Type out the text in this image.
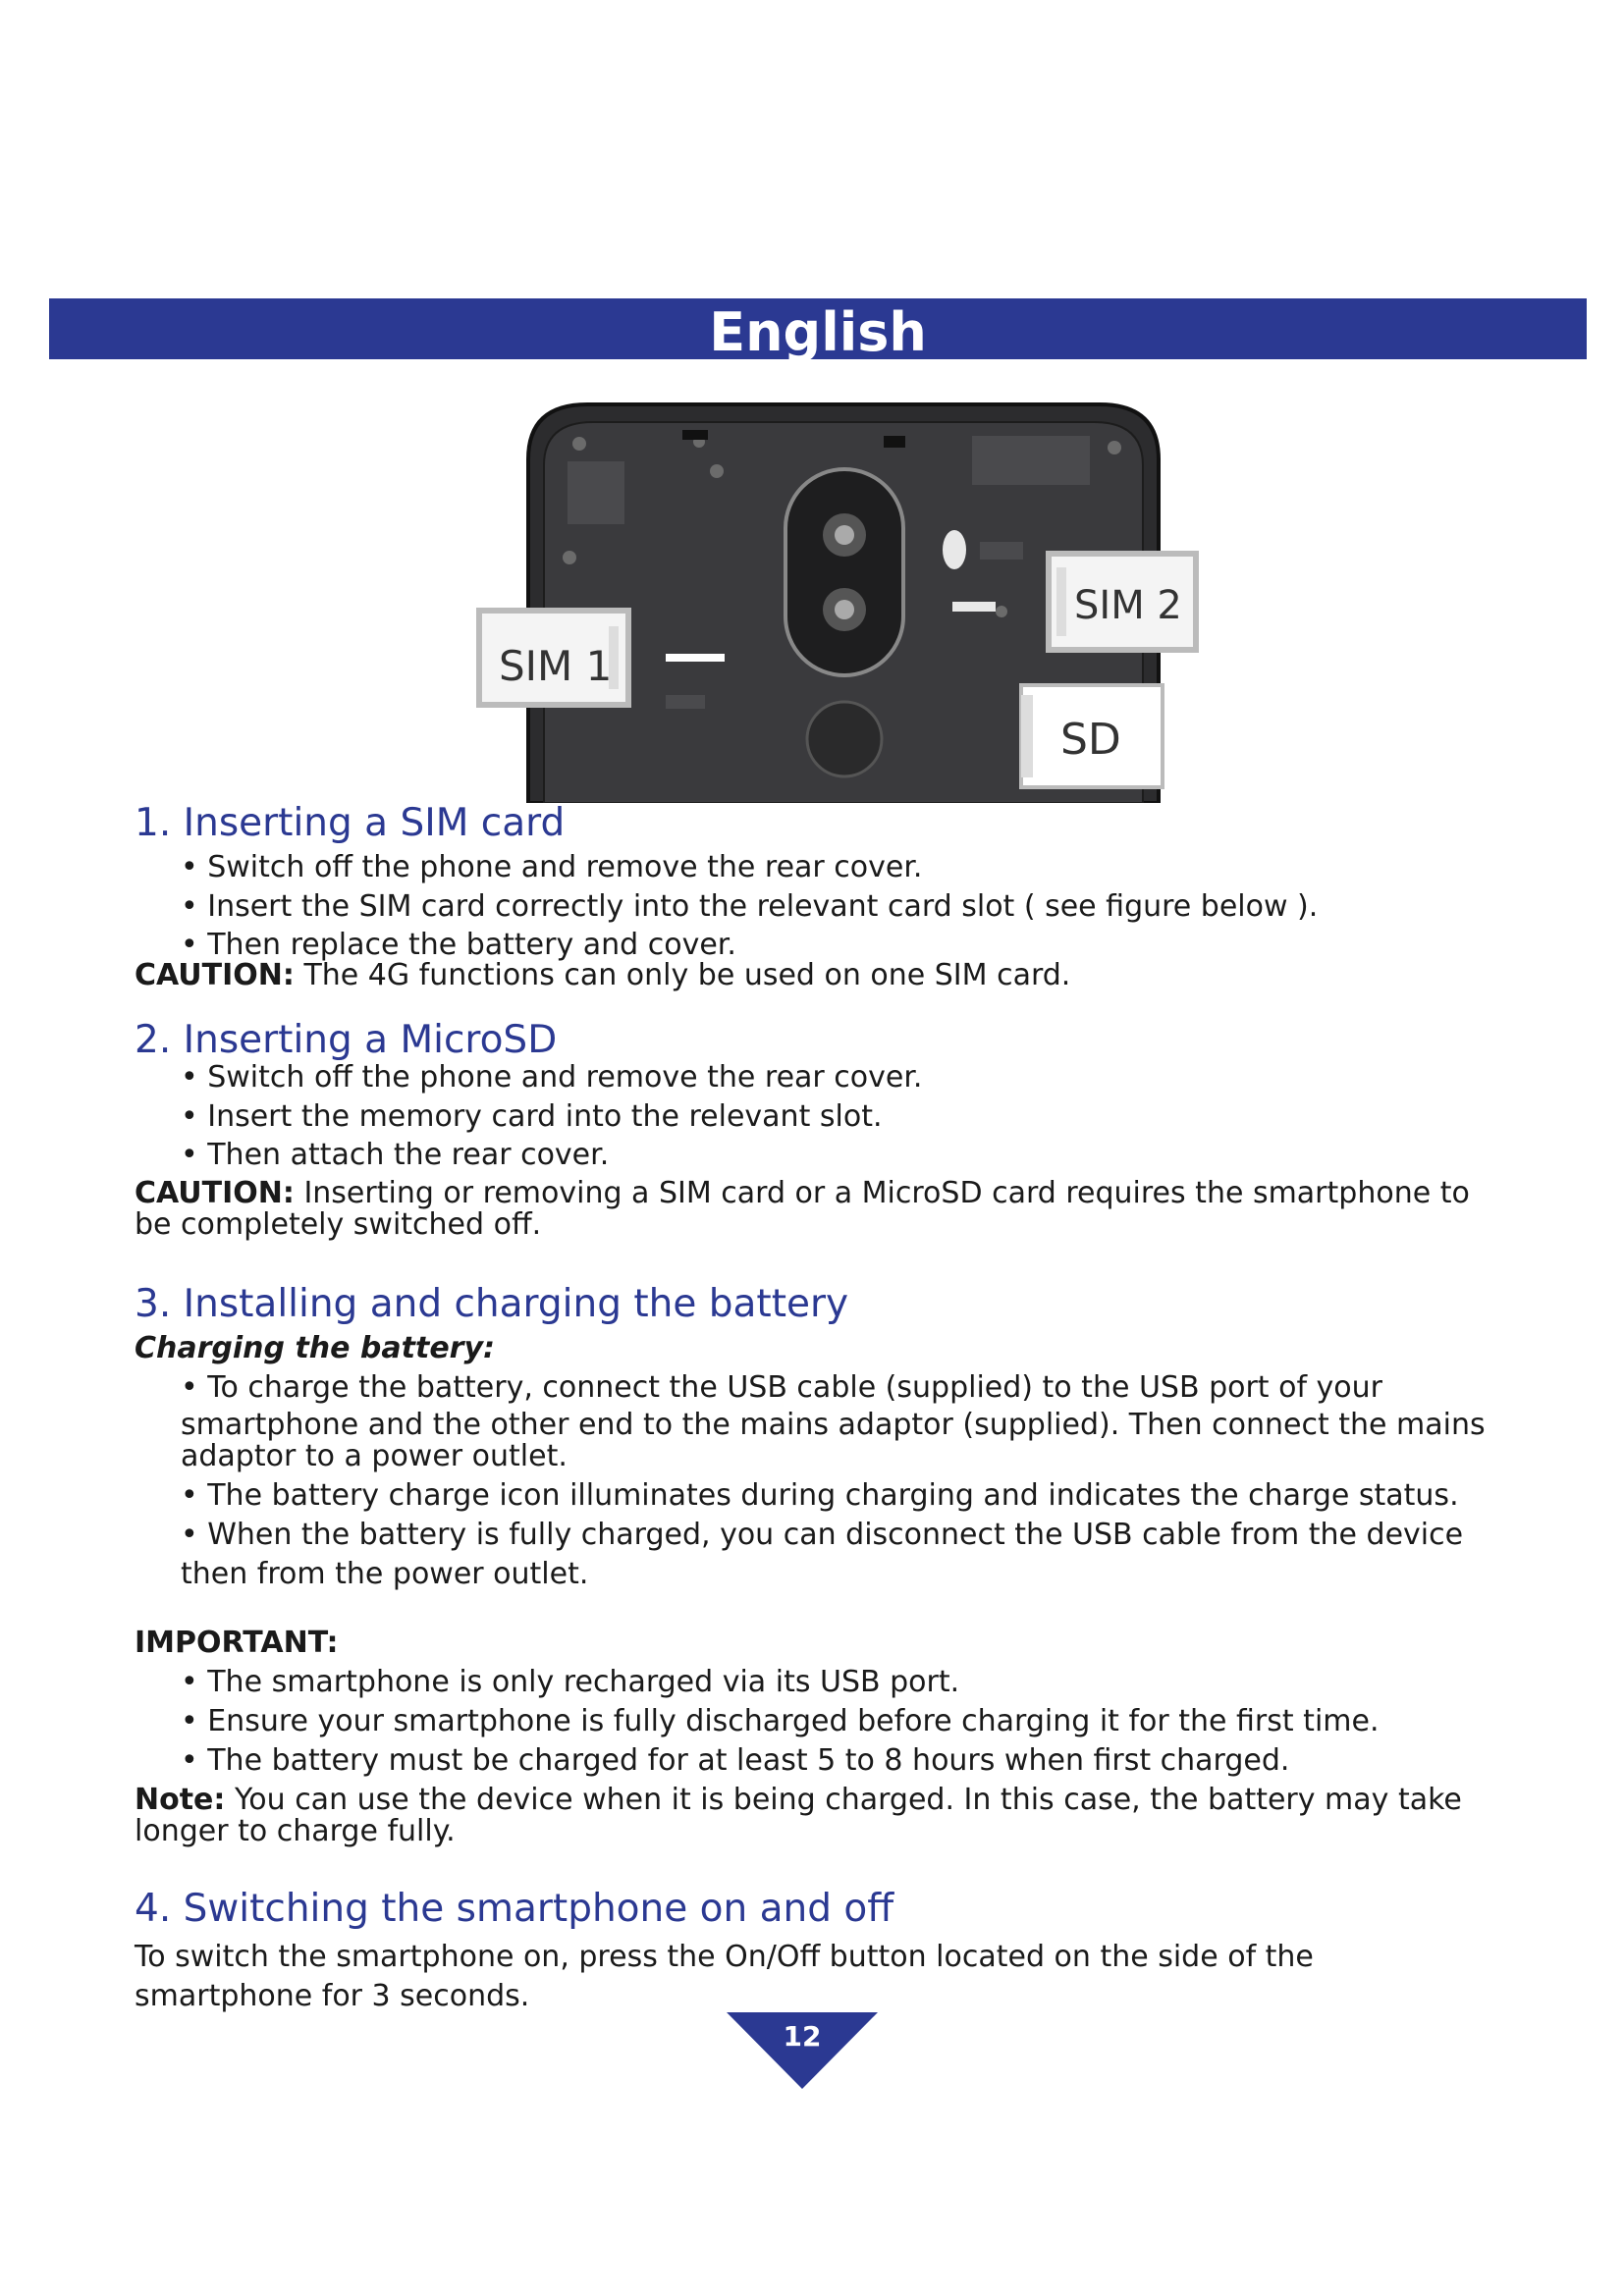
English
SIM 1
SIM 2
SD
1. Inserting a SIM card
• Switch off the phone and remove the rear cover.
• Insert the SIM card correctly into the relevant card slot ( see figure below ).
• Then replace the battery and cover.
CAUTION: The 4G functions can only be used on one SIM card.
2. Inserting a MicroSD
• Switch off the phone and remove the rear cover.
• Insert the memory card into the relevant slot.
• Then attach the rear cover.
CAUTION: Inserting or removing a SIM card or a MicroSD card requires the smartphone to
be completely switched off.
3. Installing and charging the battery
Charging the battery:
• To charge the battery, connect the USB cable (supplied) to the USB port of your
smartphone and the other end to the mains adaptor (supplied). Then connect the mains
adaptor to a power outlet.
• The battery charge icon illuminates during charging and indicates the charge status.
• When the battery is fully charged, you can disconnect the USB cable from the device
then from the power outlet.
IMPORTANT:
• The smartphone is only recharged via its USB port.
• Ensure your smartphone is fully discharged before charging it for the first time.
• The battery must be charged for at least 5 to 8 hours when first charged.
Note: You can use the device when it is being charged. In this case, the battery may take
longer to charge fully.
4. Switching the smartphone on and off
To switch the smartphone on, press the On/Off button located on the side of the
smartphone for 3 seconds.
12
